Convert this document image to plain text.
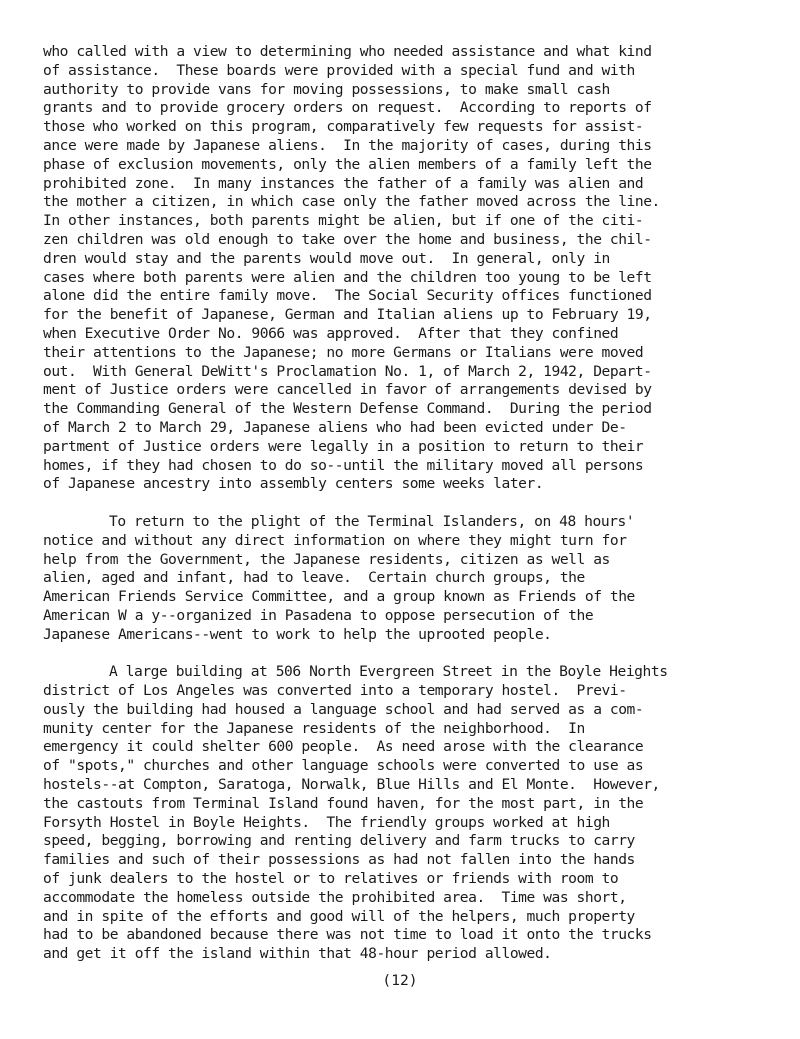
who called with a view to determining who needed assistance and what kind
of assistance.  These boards were provided with a special fund and with
authority to provide vans for moving possessions, to make small cash
grants and to provide grocery orders on request.  According to reports of
those who worked on this program, comparatively few requests for assist-
ance were made by Japanese aliens.  In the majority of cases, during this
phase of exclusion movements, only the alien members of a family left the
prohibited zone.  In many instances the father of a family was alien and
the mother a citizen, in which case only the father moved across the line.
In other instances, both parents might be alien, but if one of the citi-
zen children was old enough to take over the home and business, the chil-
dren would stay and the parents would move out.  In general, only in
cases where both parents were alien and the children too young to be left
alone did the entire family move.  The Social Security offices functioned
for the benefit of Japanese, German and Italian aliens up to February 19,
when Executive Order No. 9066 was approved.  After that they confined
their attentions to the Japanese; no more Germans or Italians were moved
out.  With General DeWitt's Proclamation No. 1, of March 2, 1942, Depart-
ment of Justice orders were cancelled in favor of arrangements devised by
the Commanding General of the Western Defense Command.  During the period
of March 2 to March 29, Japanese aliens who had been evicted under De-
partment of Justice orders were legally in a position to return to their
homes, if they had chosen to do so--until the military moved all persons
of Japanese ancestry into assembly centers some weeks later.
To return to the plight of the Terminal Islanders, on 48 hours'
notice and without any direct information on where they might turn for
help from the Government, the Japanese residents, citizen as well as
alien, aged and infant, had to leave.  Certain church groups, the
American Friends Service Committee, and a group known as Friends of the
American W a y--organized in Pasadena to oppose persecution of the
Japanese Americans--went to work to help the uprooted people.
A large building at 506 North Evergreen Street in the Boyle Heights
district of Los Angeles was converted into a temporary hostel.  Previ-
ously the building had housed a language school and had served as a com-
munity center for the Japanese residents of the neighborhood.  In
emergency it could shelter 600 people.  As need arose with the clearance
of "spots," churches and other language schools were converted to use as
hostels--at Compton, Saratoga, Norwalk, Blue Hills and El Monte.  However,
the castouts from Terminal Island found haven, for the most part, in the
Forsyth Hostel in Boyle Heights.  The friendly groups worked at high
speed, begging, borrowing and renting delivery and farm trucks to carry
families and such of their possessions as had not fallen into the hands
of junk dealers to the hostel or to relatives or friends with room to
accommodate the homeless outside the prohibited area.  Time was short,
and in spite of the efforts and good will of the helpers, much property
had to be abandoned because there was not time to load it onto the trucks
and get it off the island within that 48-hour period allowed.
(12)
